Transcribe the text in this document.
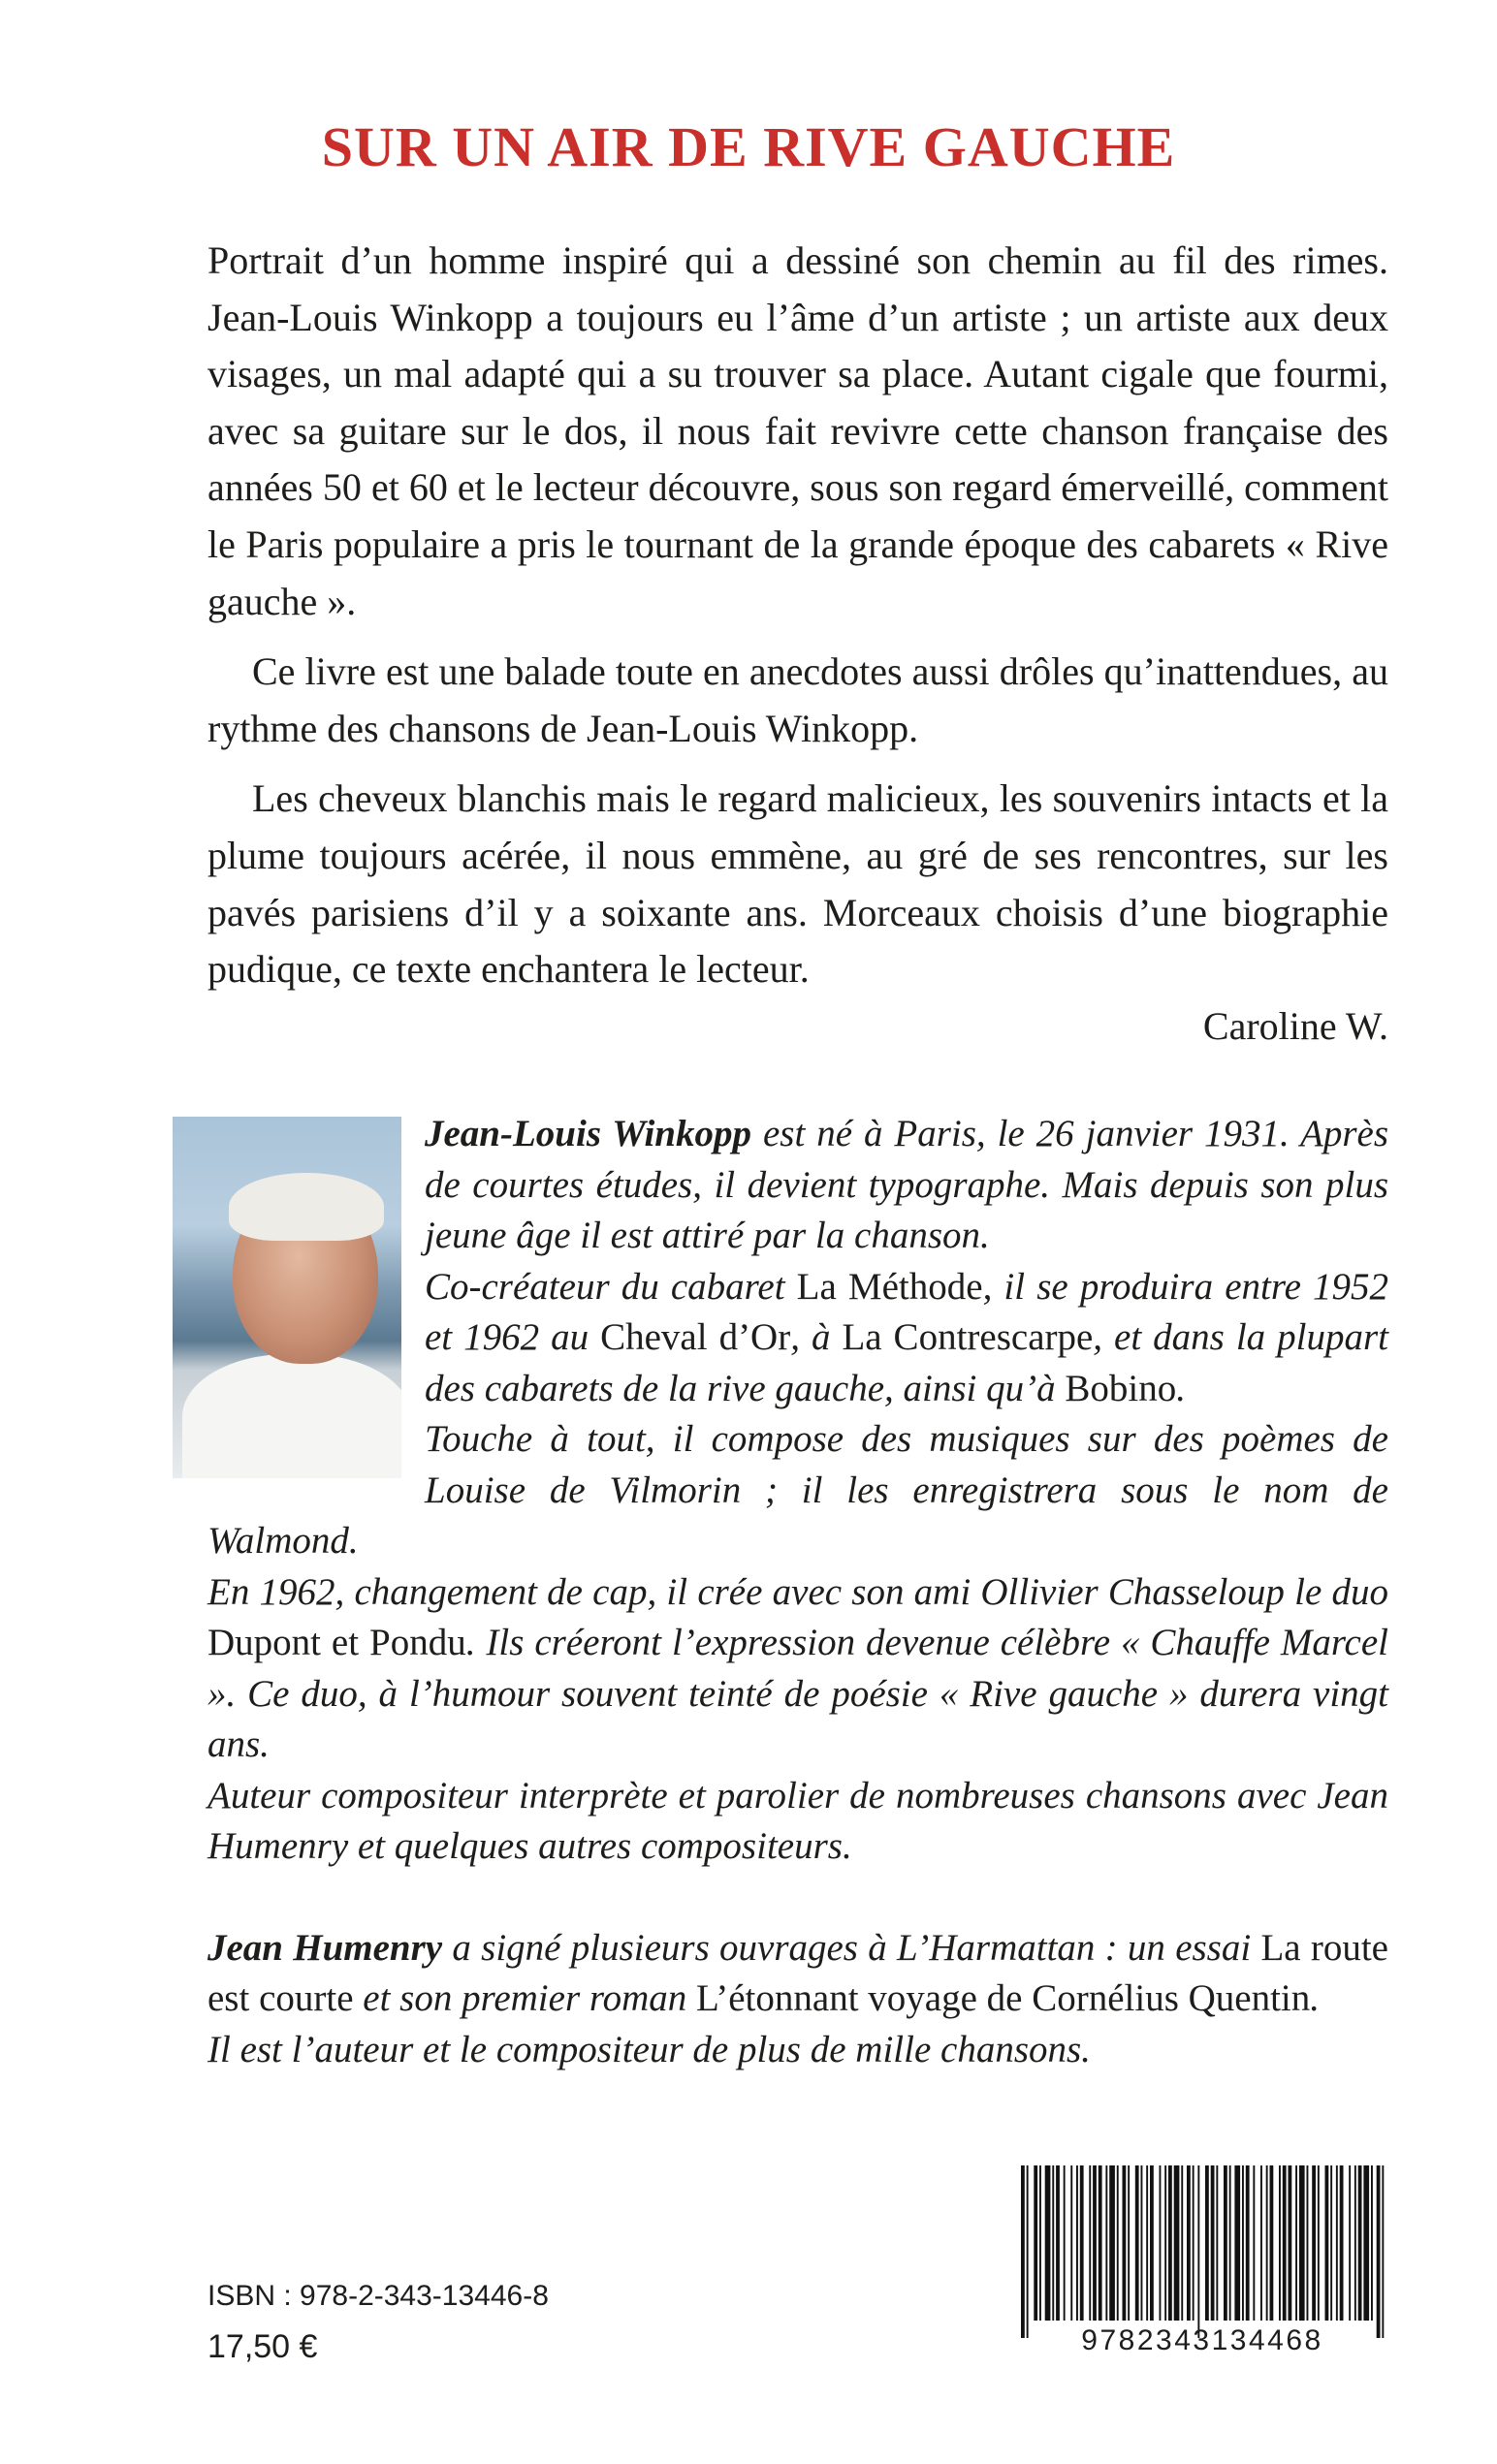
SUR UN AIR DE RIVE GAUCHE

Portrait d’un homme inspiré qui a dessiné son chemin au fil des rimes. Jean-Louis Winkopp a toujours eu l’âme d’un artiste ; un artiste aux deux visages, un mal adapté qui a su trouver sa place. Autant cigale que fourmi, avec sa guitare sur le dos, il nous fait revivre cette chanson française des années 50 et 60 et le lecteur découvre, sous son regard émerveillé, comment le Paris populaire a pris le tournant de la grande époque des cabarets « Rive gauche ».

Ce livre est une balade toute en anecdotes aussi drôles qu’inattendues, au rythme des chansons de Jean-Louis Winkopp.

Les cheveux blanchis mais le regard malicieux, les souvenirs intacts et la plume toujours acérée, il nous emmène, au gré de ses rencontres, sur les pavés parisiens d’il y a soixante ans. Morceaux choisis d’une biographie pudique, ce texte enchantera le lecteur.

Caroline W.

Jean-Louis Winkopp est né à Paris, le 26 janvier 1931. Après de courtes études, il devient typographe. Mais depuis son plus jeune âge il est attiré par la chanson.

Co-créateur du cabaret La Méthode, il se produira entre 1952 et 1962 au Cheval d’Or, à La Contrescarpe, et dans la plupart des cabarets de la rive gauche, ainsi qu’à Bobino.

Touche à tout, il compose des musiques sur des poèmes de Louise de Vilmorin ; il les enregistrera sous le nom de Walmond.

En 1962, changement de cap, il crée avec son ami Ollivier Chasseloup le duo Dupont et Pondu. Ils créeront l’expression devenue célèbre « Chauffe Marcel ». Ce duo, à l’humour souvent teinté de poésie « Rive gauche » durera vingt ans.

Auteur compositeur interprète et parolier de nombreuses chansons avec Jean Humenry et quelques autres compositeurs.

Jean Humenry a signé plusieurs ouvrages à L’Harmattan : un essai La route est courte et son premier roman L’étonnant voyage de Cornélius Quentin.

Il est l’auteur et le compositeur de plus de mille chansons.

ISBN : 978-2-343-13446-8
17,50 €	9782343134468
